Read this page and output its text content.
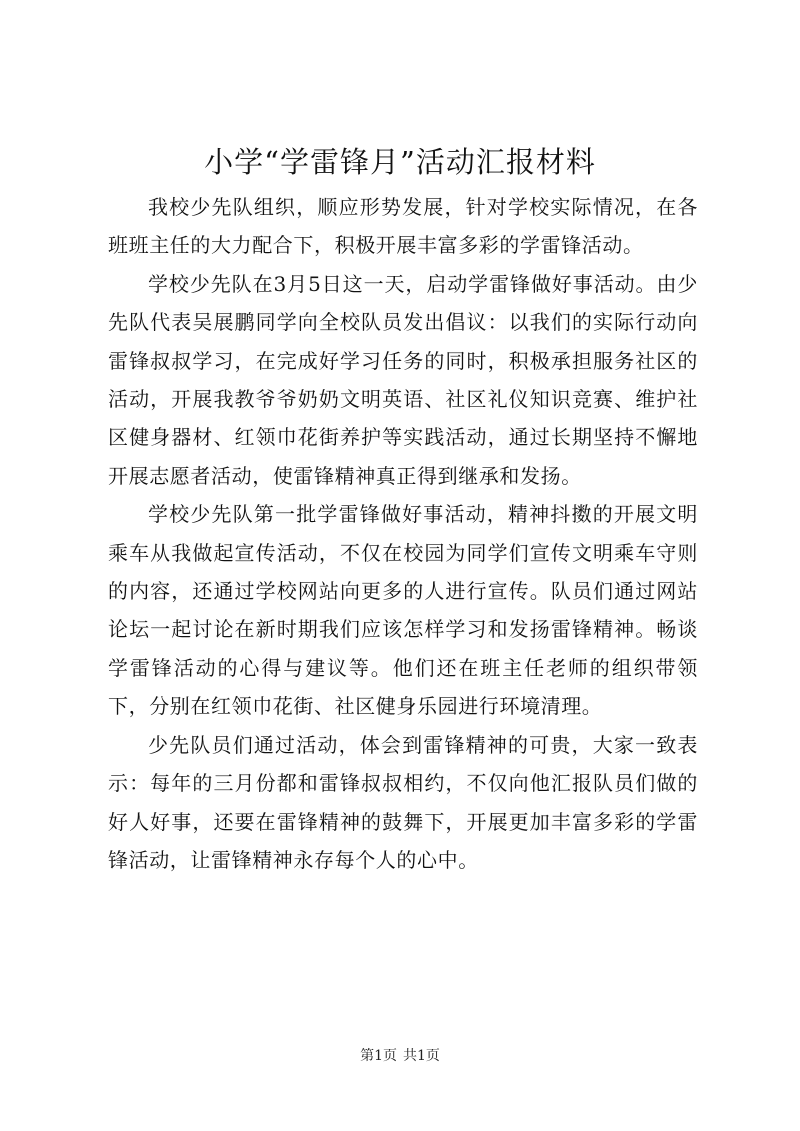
小学“学雷锋月”活动汇报材料

我校少先队组织，顺应形势发展，针对学校实际情况，在各班班主任的大力配合下，积极开展丰富多彩的学雷锋活动。

学校少先队在3月5日这一天，启动学雷锋做好事活动。由少先队代表吴展鹏同学向全校队员发出倡议：以我们的实际行动向雷锋叔叔学习，在完成好学习任务的同时，积极承担服务社区的活动，开展我教爷爷奶奶文明英语、社区礼仪知识竞赛、维护社区健身器材、红领巾花街养护等实践活动，通过长期坚持不懈地开展志愿者活动，使雷锋精神真正得到继承和发扬。

学校少先队第一批学雷锋做好事活动，精神抖擞的开展文明乘车从我做起宣传活动，不仅在校园为同学们宣传文明乘车守则的内容，还通过学校网站向更多的人进行宣传。队员们通过网站论坛一起讨论在新时期我们应该怎样学习和发扬雷锋精神。畅谈学雷锋活动的心得与建议等。他们还在班主任老师的组织带领下，分别在红领巾花街、社区健身乐园进行环境清理。

少先队员们通过活动，体会到雷锋精神的可贵，大家一致表示：每年的三月份都和雷锋叔叔相约，不仅向他汇报队员们做的好人好事，还要在雷锋精神的鼓舞下，开展更加丰富多彩的学雷锋活动，让雷锋精神永存每个人的心中。

第1页 共1页
